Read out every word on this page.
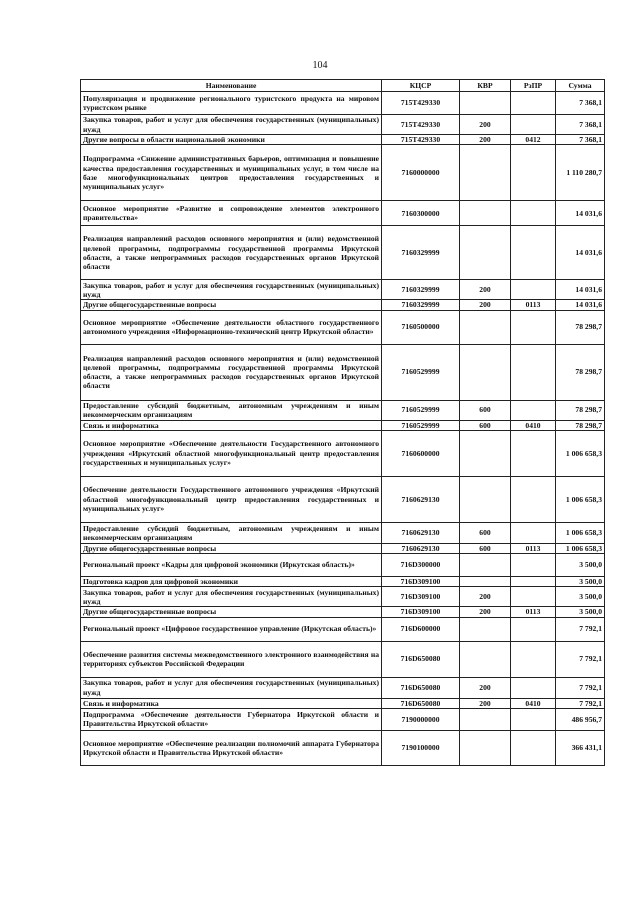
104
Наименование	КЦСР	КВР	РзПР	Сумма
Популяризация и продвижение регионального туристского продукта на мировом туристском рынке	715T429330			7 368,1
Закупка товаров, работ и услуг для обеспечения государственных (муниципальных) нужд	715T429330	200		7 368,1
Другие вопросы в области национальной экономики	715T429330	200	0412	7 368,1
Подпрограмма «Снижение административных барьеров, оптимизация и повышение качества предоставления государственных и муниципальных услуг, в том числе на базе многофункциональных центров предоставления государственных и муниципальных услуг»	7160000000			1 110 280,7
Основное мероприятие «Развитие и сопровождение элементов электронного правительства»	7160300000			14 031,6
Реализация направлений расходов основного мероприятия и (или) ведомственной целевой программы, подпрограммы государственной программы Иркутской области, а также непрограммных расходов государственных органов Иркутской области	7160329999			14 031,6
Закупка товаров, работ и услуг для обеспечения государственных (муниципальных) нужд	7160329999	200		14 031,6
Другие общегосударственные вопросы	7160329999	200	0113	14 031,6
Основное мероприятие «Обеспечение деятельности областного государственного автономного учреждения «Информационно-технический центр Иркутской области»	7160500000			78 298,7
Реализация направлений расходов основного мероприятия и (или) ведомственной целевой программы, подпрограммы государственной программы Иркутской области, а также непрограммных расходов государственных органов Иркутской области	7160529999			78 298,7
Предоставление субсидий бюджетным, автономным учреждениям и иным некоммерческим организациям	7160529999	600		78 298,7
Связь и информатика	7160529999	600	0410	78 298,7
Основное мероприятие «Обеспечение деятельности Государственного автономного учреждения «Иркутский областной многофункциональный центр предоставления государственных и муниципальных услуг»	7160600000			1 006 658,3
Обеспечение деятельности Государственного автономного учреждения «Иркутский областной многофункциональный центр предоставления государственных и муниципальных услуг»	7160629130			1 006 658,3
Предоставление субсидий бюджетным, автономным учреждениям и иным некоммерческим организациям	7160629130	600		1 006 658,3
Другие общегосударственные вопросы	7160629130	600	0113	1 006 658,3
Региональный проект «Кадры для цифровой экономики (Иркутская область)»	716D300000			3 500,0
Подготовка кадров для цифровой экономики	716D309100			3 500,0
Закупка товаров, работ и услуг для обеспечения государственных (муниципальных) нужд	716D309100	200		3 500,0
Другие общегосударственные вопросы	716D309100	200	0113	3 500,0
Региональный проект «Цифровое государственное управление (Иркутская область)»	716D600000			7 792,1
Обеспечение развития системы межведомственного электронного взаимодействия на территориях субъектов Российской Федерации	716D650080			7 792,1
Закупка товаров, работ и услуг для обеспечения государственных (муниципальных) нужд	716D650080	200		7 792,1
Связь и информатика	716D650080	200	0410	7 792,1
Подпрограмма «Обеспечение деятельности Губернатора Иркутской области и Правительства Иркутской области»	7190000000			486 956,7
Основное мероприятие «Обеспечение реализации полномочий аппарата Губернатора Иркутской области и Правительства Иркутской области»	7190100000			366 431,1
